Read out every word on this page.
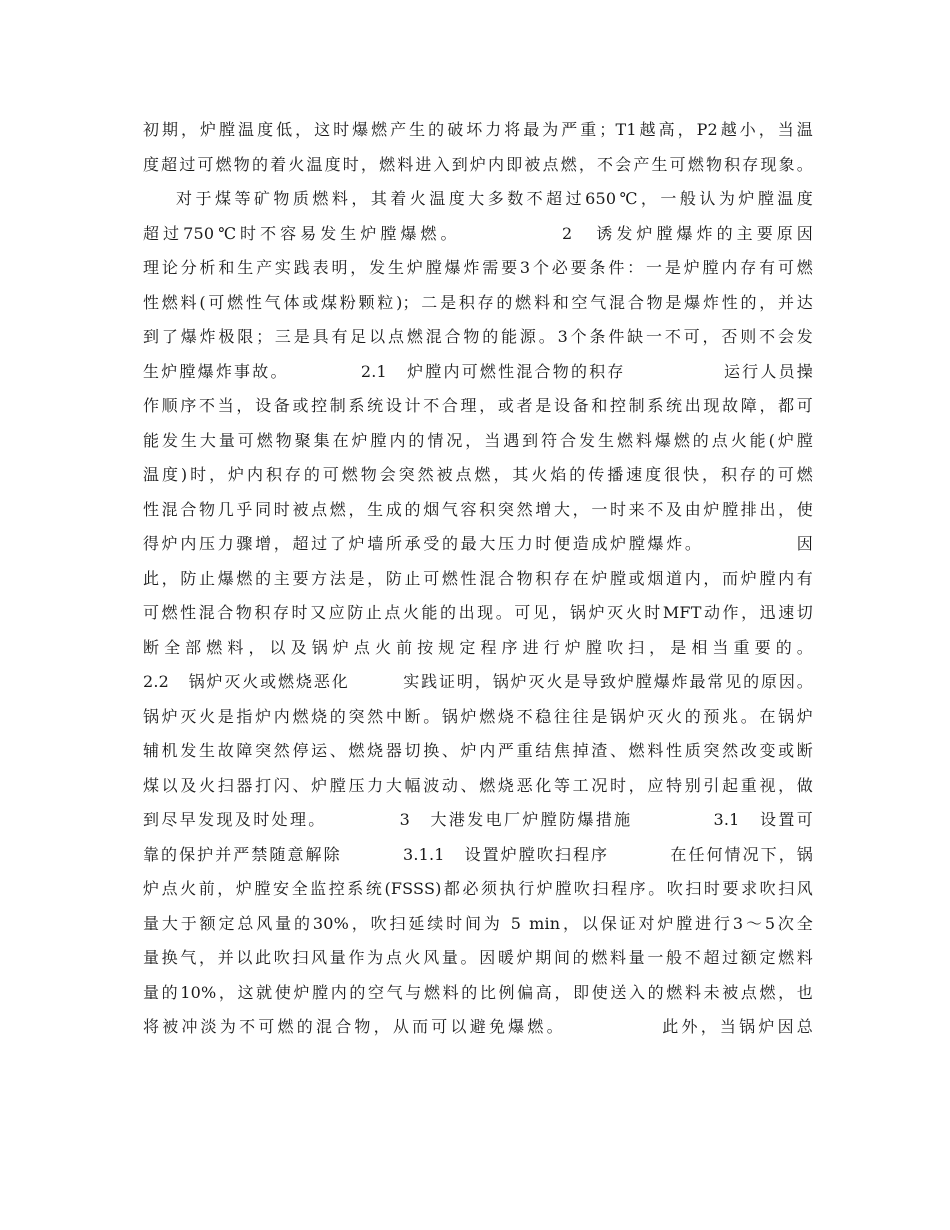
初期，炉膛温度低，这时爆燃产生的破坏力将最为严重；T1越高，P2越小，当温
度超过可燃物的着火温度时，燃料进入到炉内即被点燃，不会产生可燃物积存现象。
对于煤等矿物质燃料，其着火温度大多数不超过650℃，一般认为炉膛温度
超过750℃时不容易发生炉膛爆燃。　　　　　 2　诱发炉膛爆炸的主要原因
理论分析和生产实践表明，发生炉膛爆炸需要3个必要条件：一是炉膛内存有可燃
性燃料(可燃性气体或煤粉颗粒)；二是积存的燃料和空气混合物是爆炸性的，并达
到了爆炸极限；三是具有足以点燃混合物的能源。3个条件缺一不可，否则不会发
生炉膛爆炸事故。　　　　 2.1　炉膛内可燃性混合物的积存　　　　　 运行人员操
作顺序不当，设备或控制系统设计不合理，或者是设备和控制系统出现故障，都可
能发生大量可燃物聚集在炉膛内的情况，当遇到符合发生燃料爆燃的点火能(炉膛
温度)时，炉内积存的可燃物会突然被点燃，其火焰的传播速度很快，积存的可燃
性混合物几乎同时被点燃，生成的烟气容积突然增大，一时来不及由炉膛排出，使
得炉内压力骤增，超过了炉墙所承受的最大压力时便造成炉膛爆炸。　　　　　 因
此，防止爆燃的主要方法是，防止可燃性混合物积存在炉膛或烟道内，而炉膛内有
可燃性混合物积存时又应防止点火能的出现。可见，锅炉灭火时MFT动作，迅速切
断全部燃料，以及锅炉点火前按规定程序进行炉膛吹扫，是相当重要的。
2.2　锅炉灭火或燃烧恶化　　　实践证明，锅炉灭火是导致炉膛爆炸最常见的原因。
锅炉灭火是指炉内燃烧的突然中断。锅炉燃烧不稳往往是锅炉灭火的预兆。在锅炉
辅机发生故障突然停运、燃烧器切换、炉内严重结焦掉渣、燃料性质突然改变或断
煤以及火扫器打闪、炉膛压力大幅波动、燃烧恶化等工况时，应特别引起重视，做
到尽早发现及时处理。　　　　 3　大港发电厂炉膛防爆措施　　　　 3.1　设置可
靠的保护并严禁随意解除　　　 3.1.1　设置炉膛吹扫程序　　　 在任何情况下，锅
炉点火前，炉膛安全监控系统(FSSS)都必须执行炉膛吹扫程序。吹扫时要求吹扫风
量大于额定总风量的30%，吹扫延续时间为 5 min，以保证对炉膛进行3～5次全
量换气，并以此吹扫风量作为点火风量。因暖炉期间的燃料量一般不超过额定燃料
量的10%，这就使炉膛内的空气与燃料的比例偏高，即使送入的燃料未被点燃，也
将被冲淡为不可燃的混合物，从而可以避免爆燃。　　　　　 此外，当锅炉因总
